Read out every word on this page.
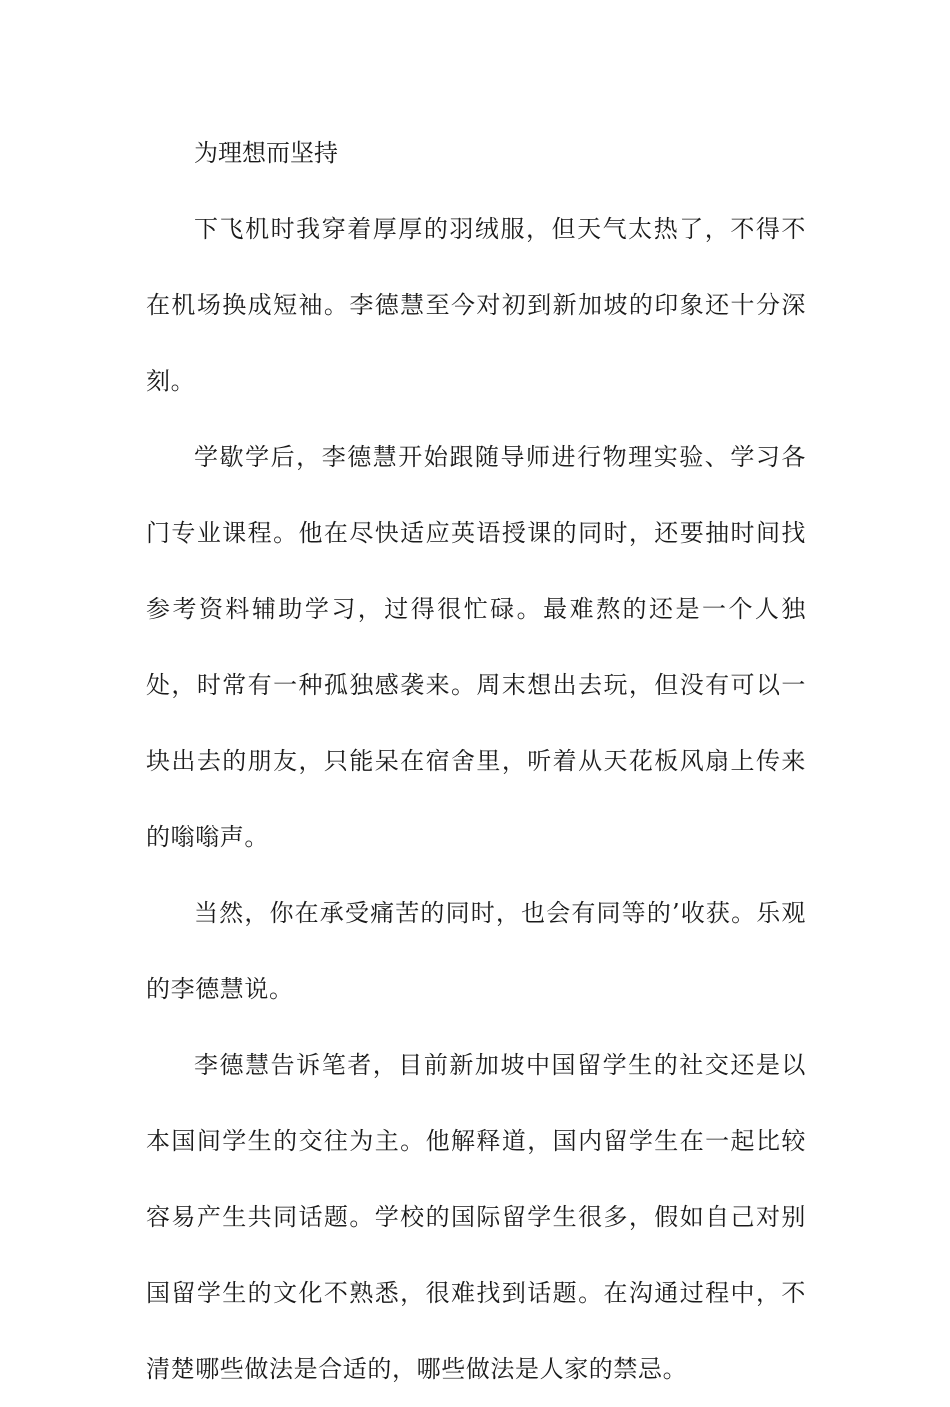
为理想而坚持

下飞机时我穿着厚厚的羽绒服，但天气太热了，不得不在机场换成短袖。李德慧至今对初到新加坡的印象还十分深刻。

学歇学后，李德慧开始跟随导师进行物理实验、学习各门专业课程。他在尽快适应英语授课的同时，还要抽时间找参考资料辅助学习，过得很忙碌。最难熬的还是一个人独处，时常有一种孤独感袭来。周末想出去玩，但没有可以一块出去的朋友，只能呆在宿舍里，听着从天花板风扇上传来的嗡嗡声。

当然，你在承受痛苦的同时，也会有同等的’收获。乐观的李德慧说。

李德慧告诉笔者，目前新加坡中国留学生的社交还是以本国间学生的交往为主。他解释道，国内留学生在一起比较容易产生共同话题。学校的国际留学生很多，假如自己对别国留学生的文化不熟悉，很难找到话题。在沟通过程中，不清楚哪些做法是合适的，哪些做法是人家的禁忌。
